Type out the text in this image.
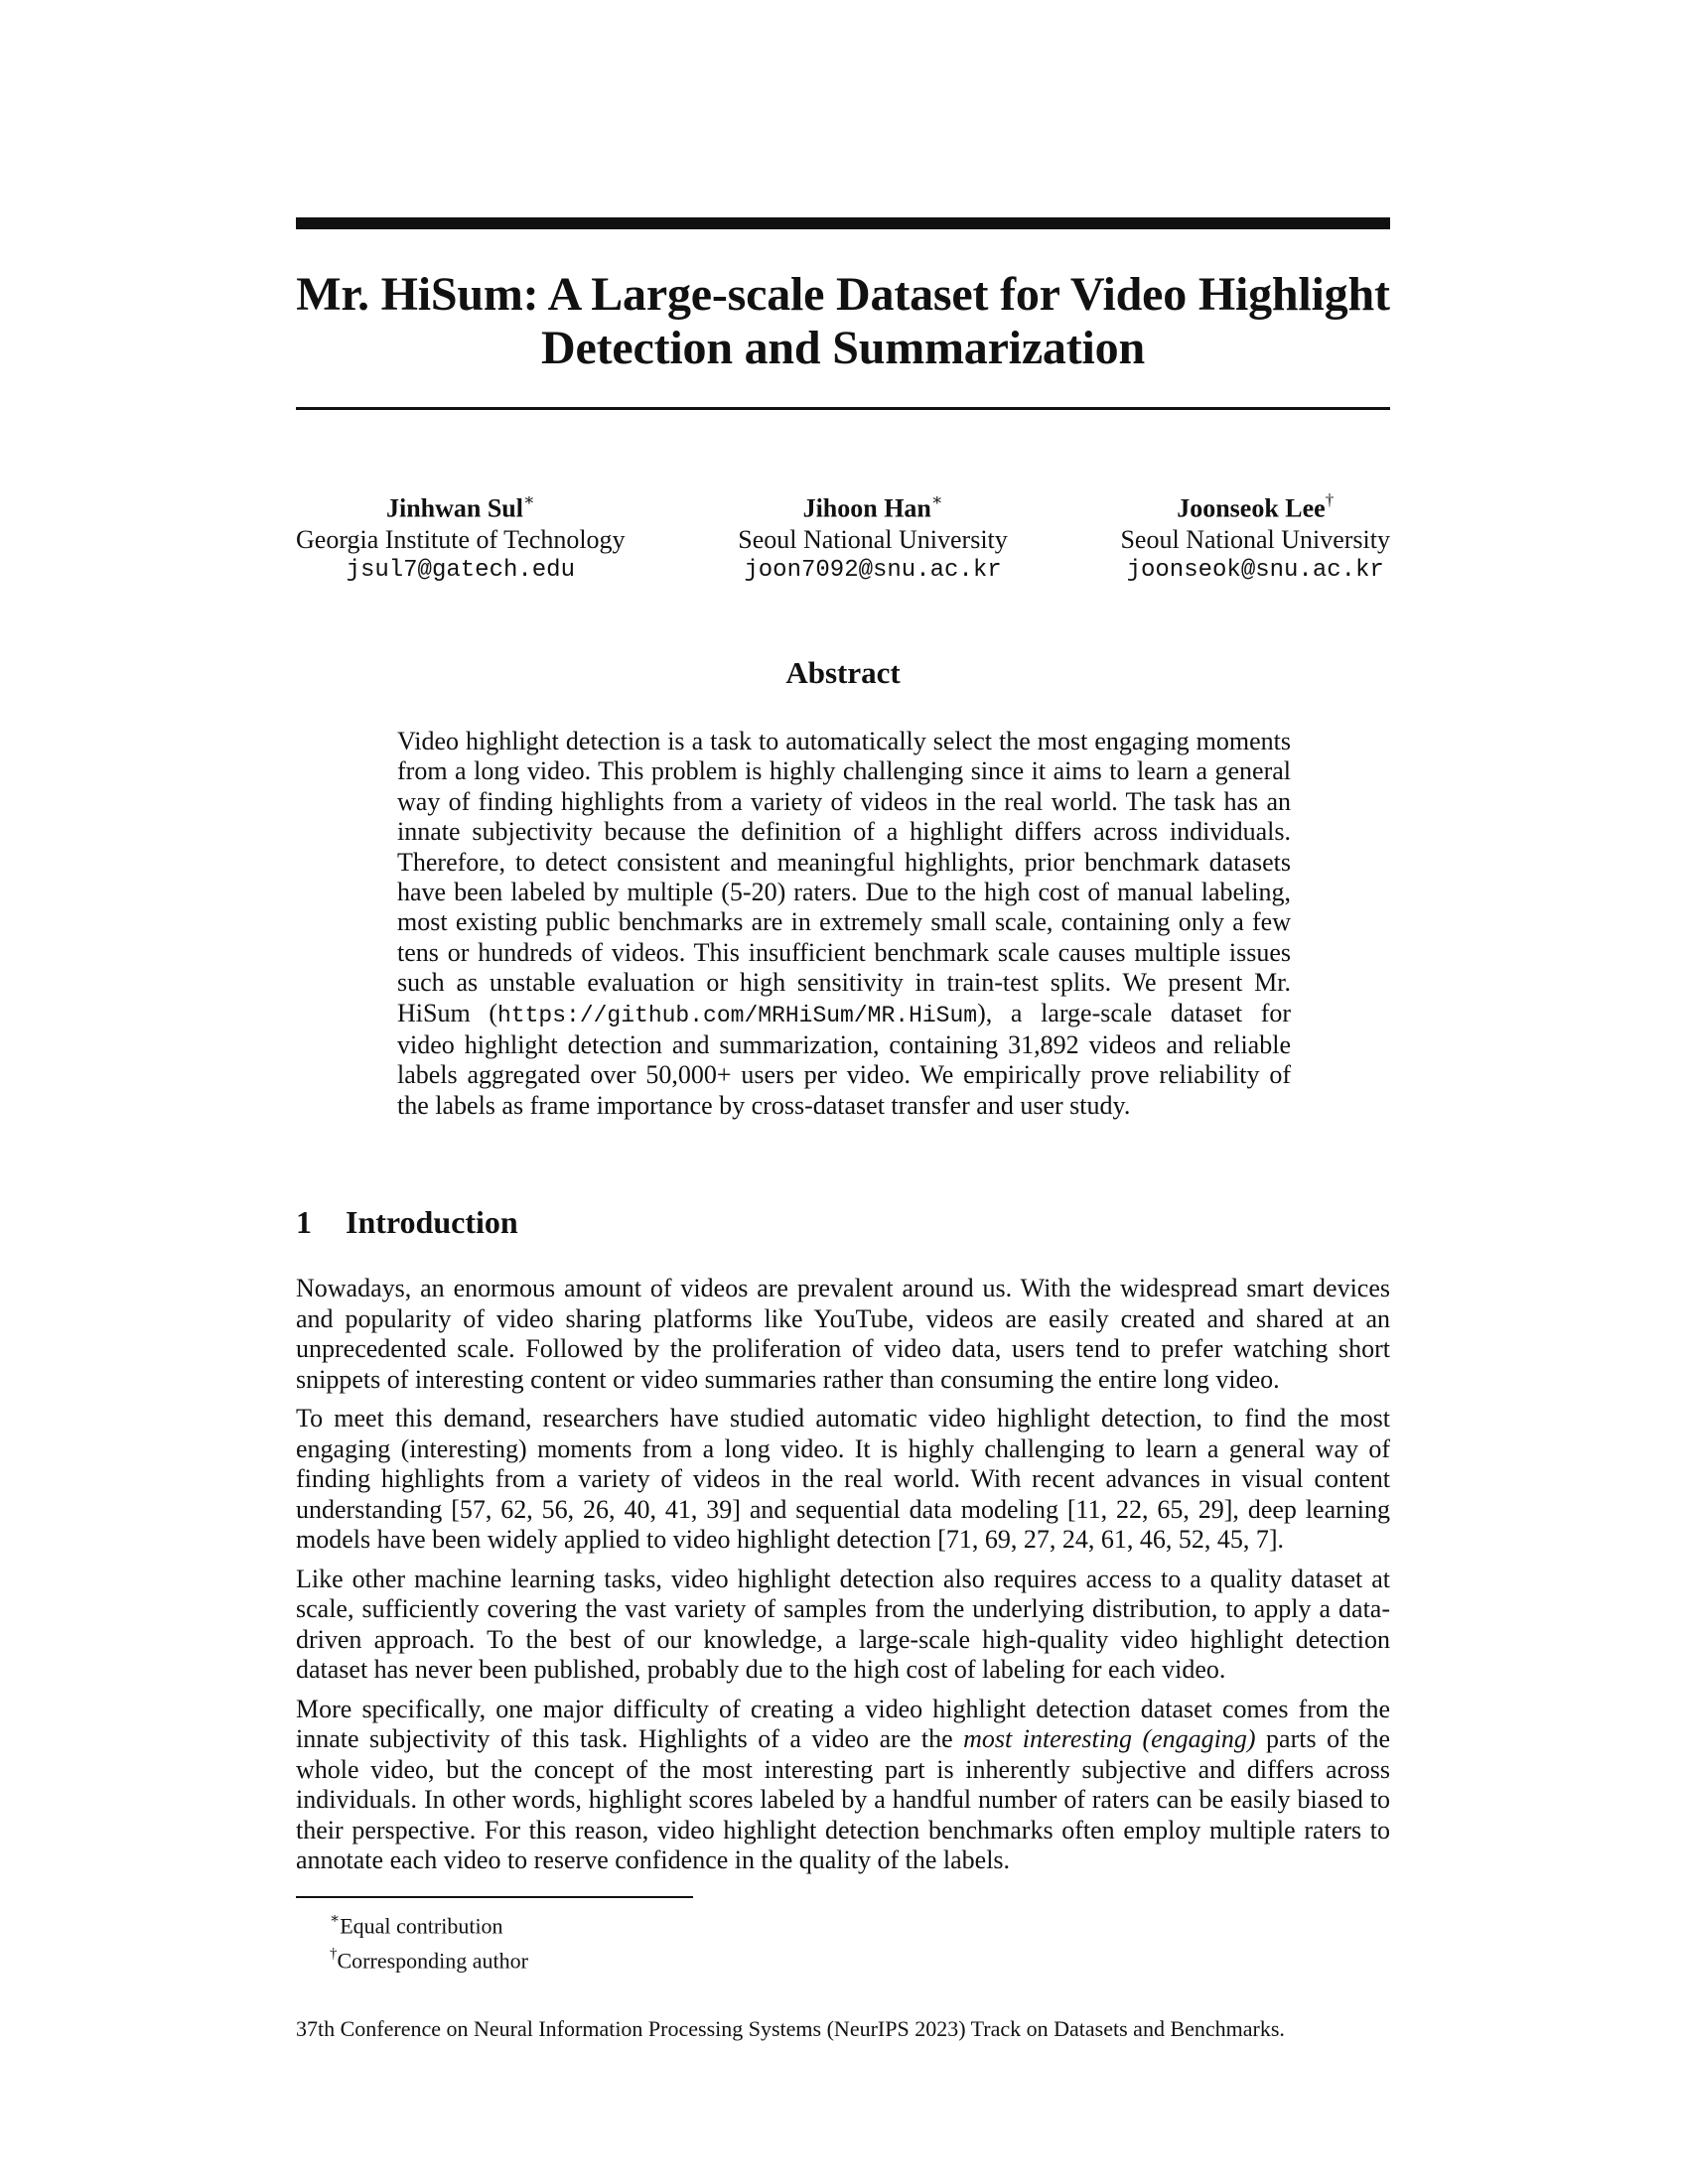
Mr. HiSum: A Large-scale Dataset for Video Highlight
Detection and Summarization
Jinhwan Sul∗
Georgia Institute of Technology
jsul7@gatech.edu
Jihoon Han∗
Seoul National University
joon7092@snu.ac.kr
Joonseok Lee†
Seoul National University
joonseok@snu.ac.kr
Abstract

Video highlight detection is a task to automatically select the most engaging moments from a long video. This problem is highly challenging since it aims to learn a general way of finding highlights from a variety of videos in the real world. The task has an innate subjectivity because the definition of a highlight differs across individuals. Therefore, to detect consistent and meaningful highlights, prior benchmark datasets have been labeled by multiple (5-20) raters. Due to the high cost of manual labeling, most existing public benchmarks are in extremely small scale, containing only a few tens or hundreds of videos. This insufficient benchmark scale causes multiple issues such as unstable evaluation or high sensitivity in train-test splits. We present Mr. HiSum (https://github.com/MRHiSum/MR.HiSum), a large-scale dataset for video highlight detection and summarization, containing 31,892 videos and reliable labels aggregated over 50,000+ users per video. We empirically prove reliability of the labels as frame importance by cross-dataset transfer and user study.

1 Introduction

Nowadays, an enormous amount of videos are prevalent around us. With the widespread smart devices and popularity of video sharing platforms like YouTube, videos are easily created and shared at an unprecedented scale. Followed by the proliferation of video data, users tend to prefer watching short snippets of interesting content or video summaries rather than consuming the entire long video.

To meet this demand, researchers have studied automatic video highlight detection, to find the most engaging (interesting) moments from a long video. It is highly challenging to learn a general way of finding highlights from a variety of videos in the real world. With recent advances in visual content understanding [57, 62, 56, 26, 40, 41, 39] and sequential data modeling [11, 22, 65, 29], deep learning models have been widely applied to video highlight detection [71, 69, 27, 24, 61, 46, 52, 45, 7].

Like other machine learning tasks, video highlight detection also requires access to a quality dataset at scale, sufficiently covering the vast variety of samples from the underlying distribution, to apply a data-driven approach. To the best of our knowledge, a large-scale high-quality video highlight detection dataset has never been published, probably due to the high cost of labeling for each video.

More specifically, one major difficulty of creating a video highlight detection dataset comes from the innate subjectivity of this task. Highlights of a video are the most interesting (engaging) parts of the whole video, but the concept of the most interesting part is inherently subjective and differs across individuals. In other words, highlight scores labeled by a handful number of raters can be easily biased to their perspective. For this reason, video highlight detection benchmarks often employ multiple raters to annotate each video to reserve confidence in the quality of the labels.

∗Equal contribution
†Corresponding author
37th Conference on Neural Information Processing Systems (NeurIPS 2023) Track on Datasets and Benchmarks.
